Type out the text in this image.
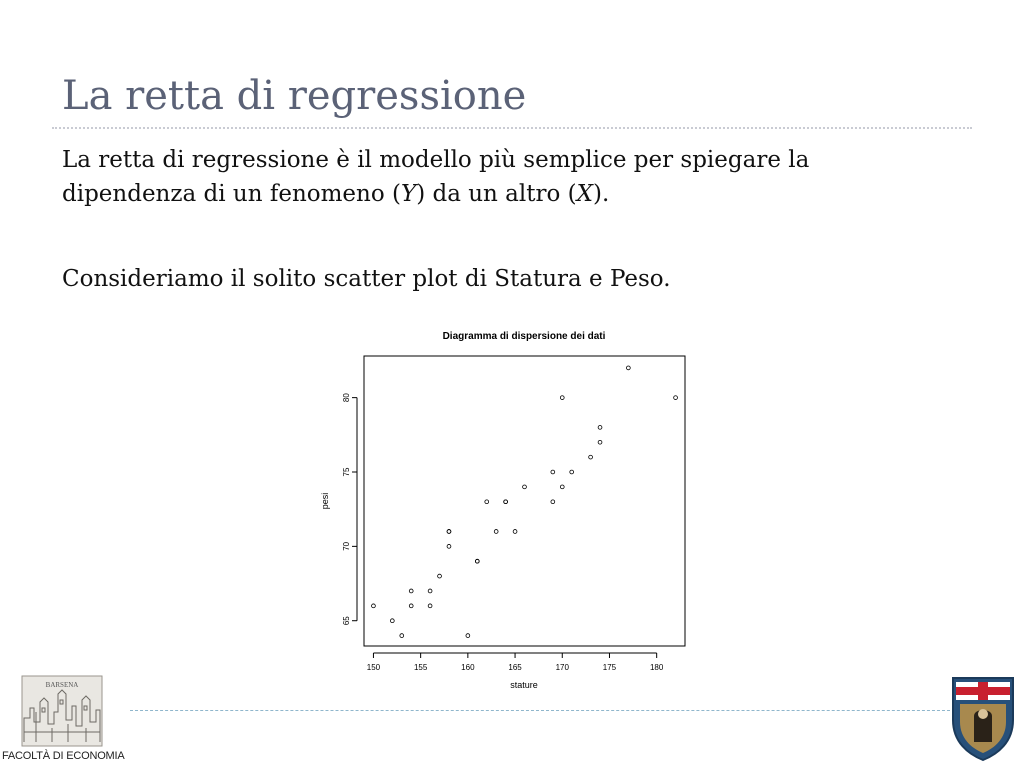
La retta di regressione

La retta di regressione è il modello più semplice per spiegare la

dipendenza di un fenomeno (Y) da un altro (X).

Consideriamo il solito scatter plot di Statura e Peso.

Diagramma di dispersione dei dati
150	155	160	165	170	175	180
65
70
75
80
stature
pesi
BARSENA

FACOLTÀ DI ECONOMIA
